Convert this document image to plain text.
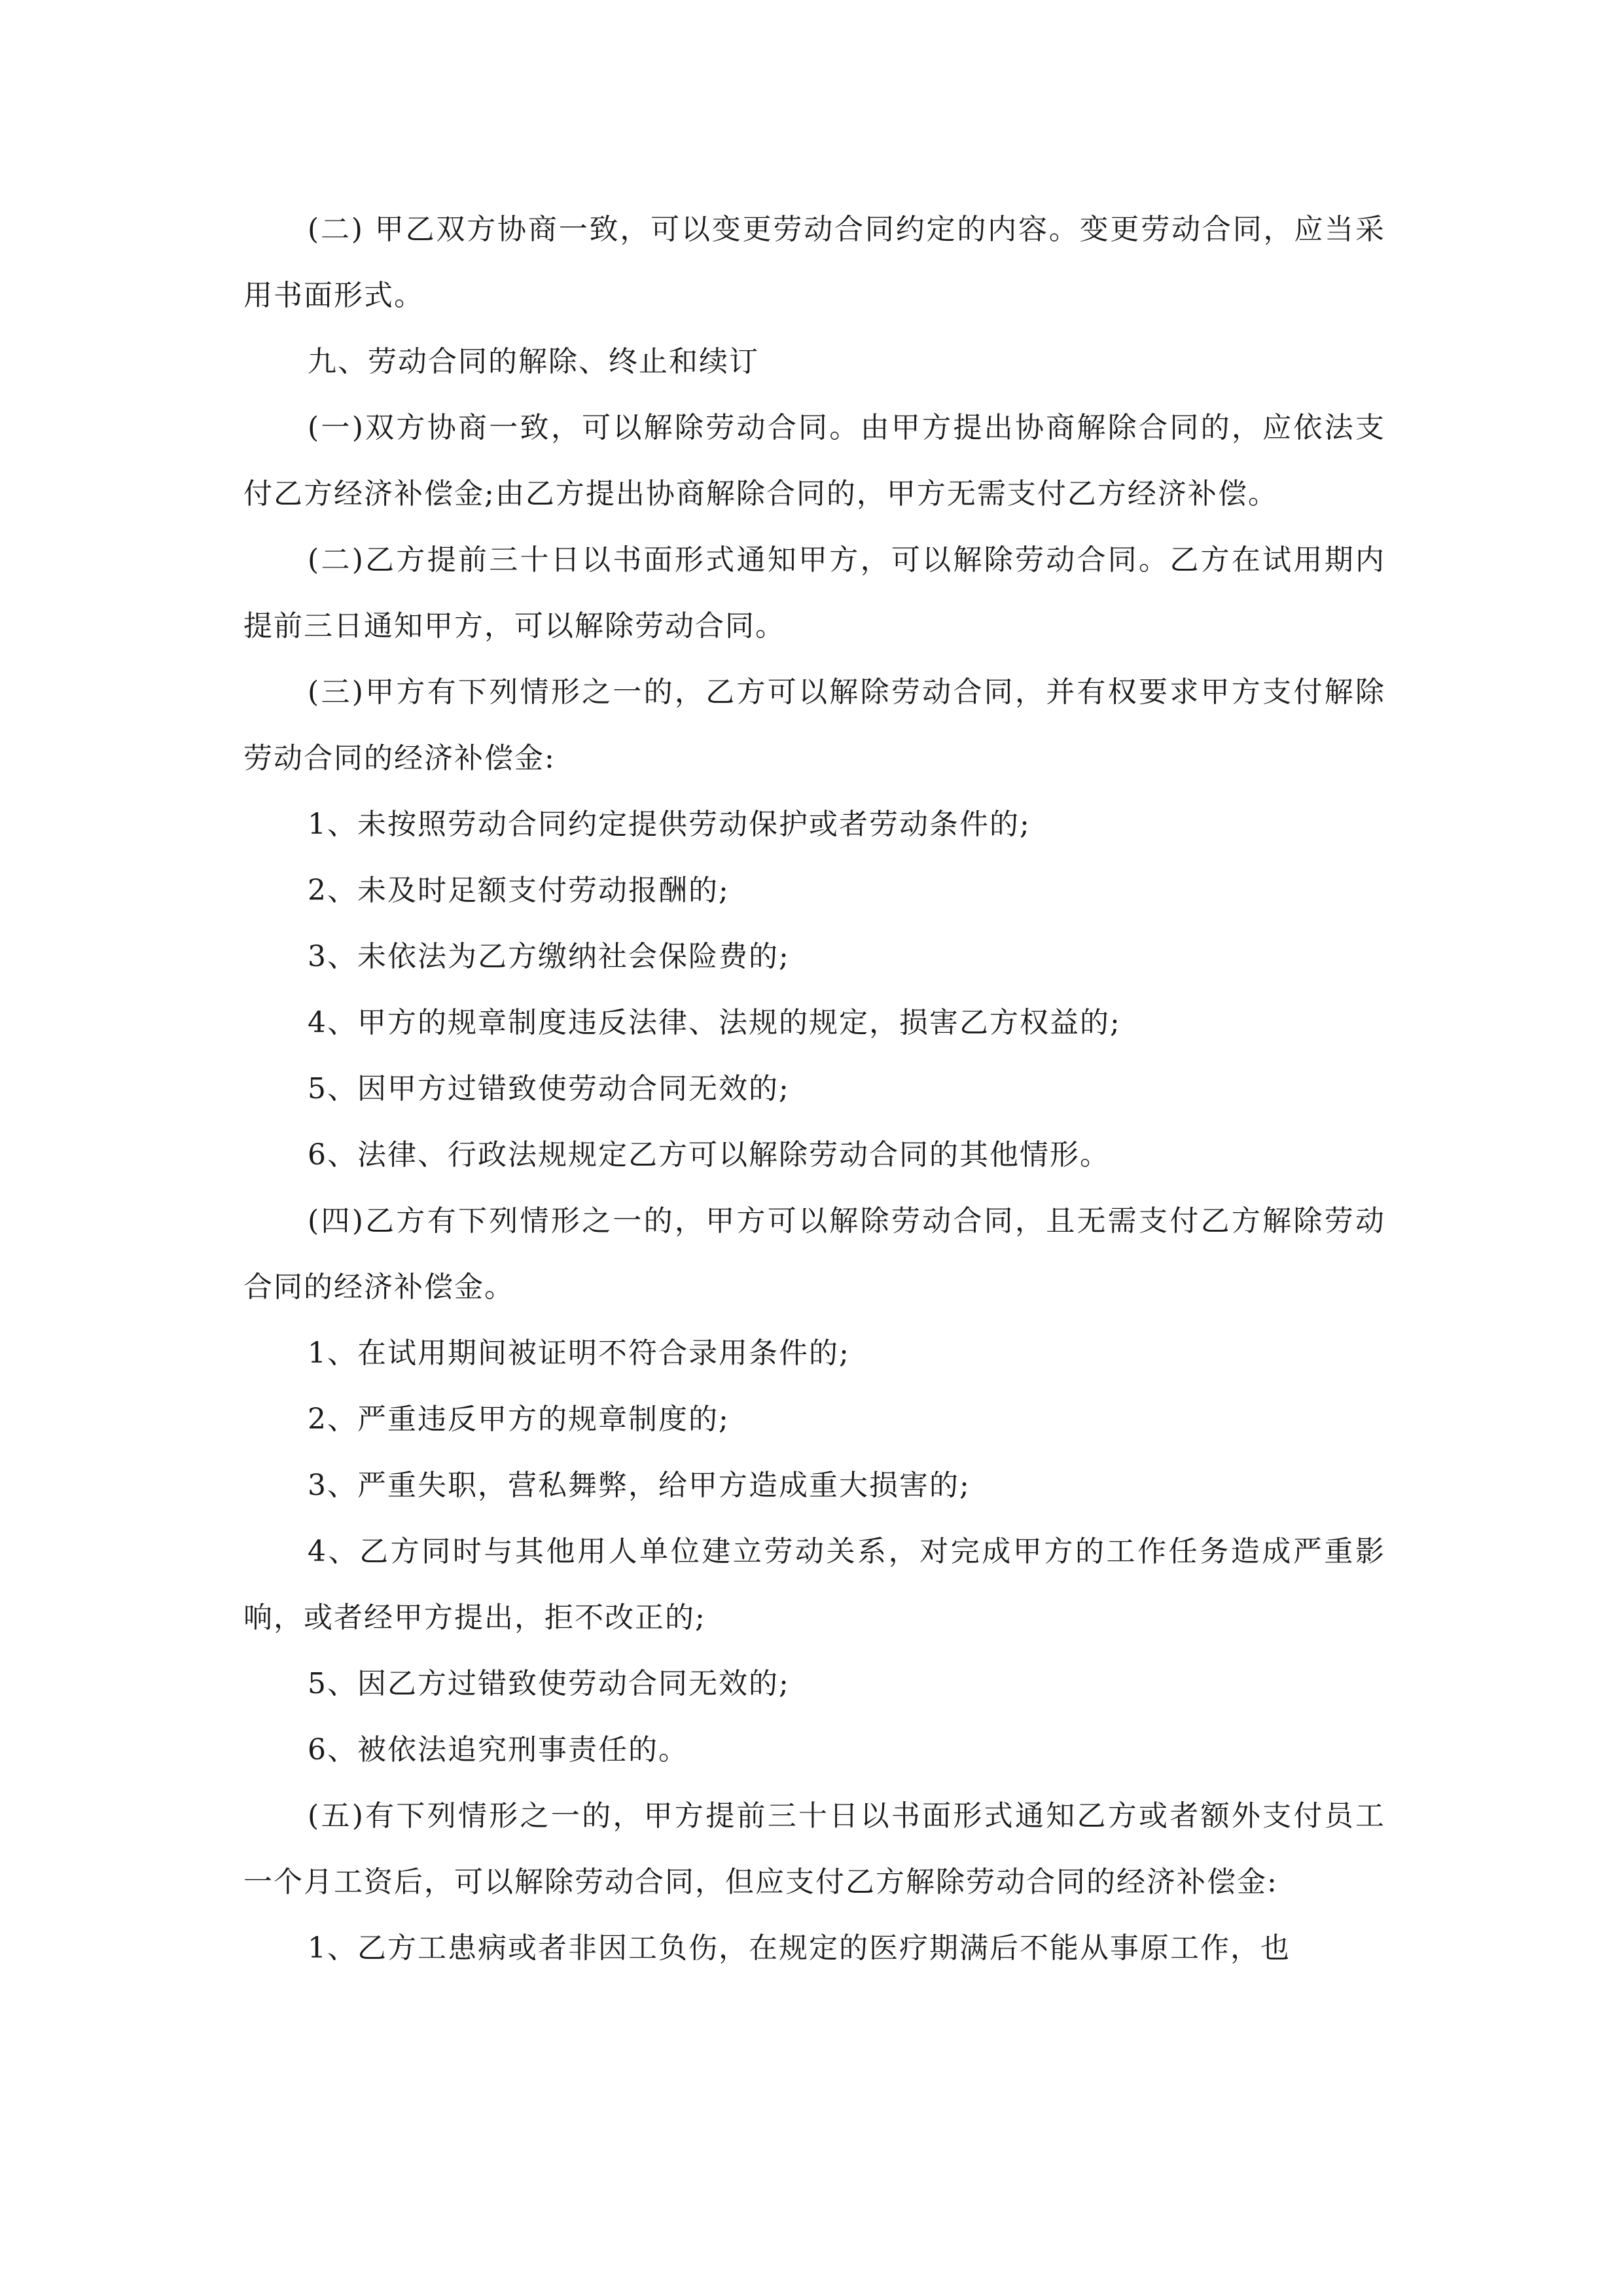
(二) 甲乙双方协商一致，可以变更劳动合同约定的内容。变更劳动合同，应当采用书面形式。

九、劳动合同的解除、终止和续订

(一)双方协商一致，可以解除劳动合同。由甲方提出协商解除合同的，应依法支付乙方经济补偿金;由乙方提出协商解除合同的，甲方无需支付乙方经济补偿。

(二)乙方提前三十日以书面形式通知甲方，可以解除劳动合同。乙方在试用期内提前三日通知甲方，可以解除劳动合同。

(三)甲方有下列情形之一的，乙方可以解除劳动合同，并有权要求甲方支付解除劳动合同的经济补偿金:

1、未按照劳动合同约定提供劳动保护或者劳动条件的;

2、未及时足额支付劳动报酬的;

3、未依法为乙方缴纳社会保险费的;

4、甲方的规章制度违反法律、法规的规定，损害乙方权益的;

5、因甲方过错致使劳动合同无效的;

6、法律、行政法规规定乙方可以解除劳动合同的其他情形。

(四)乙方有下列情形之一的，甲方可以解除劳动合同，且无需支付乙方解除劳动合同的经济补偿金。

1、在试用期间被证明不符合录用条件的;

2、严重违反甲方的规章制度的;

3、严重失职，营私舞弊，给甲方造成重大损害的;

4、乙方同时与其他用人单位建立劳动关系，对完成甲方的工作任务造成严重影响，或者经甲方提出，拒不改正的;

5、因乙方过错致使劳动合同无效的;

6、被依法追究刑事责任的。

(五)有下列情形之一的，甲方提前三十日以书面形式通知乙方或者额外支付员工一个月工资后，可以解除劳动合同，但应支付乙方解除劳动合同的经济补偿金:

1、乙方工患病或者非因工负伤，在规定的医疗期满后不能从事原工作，也
